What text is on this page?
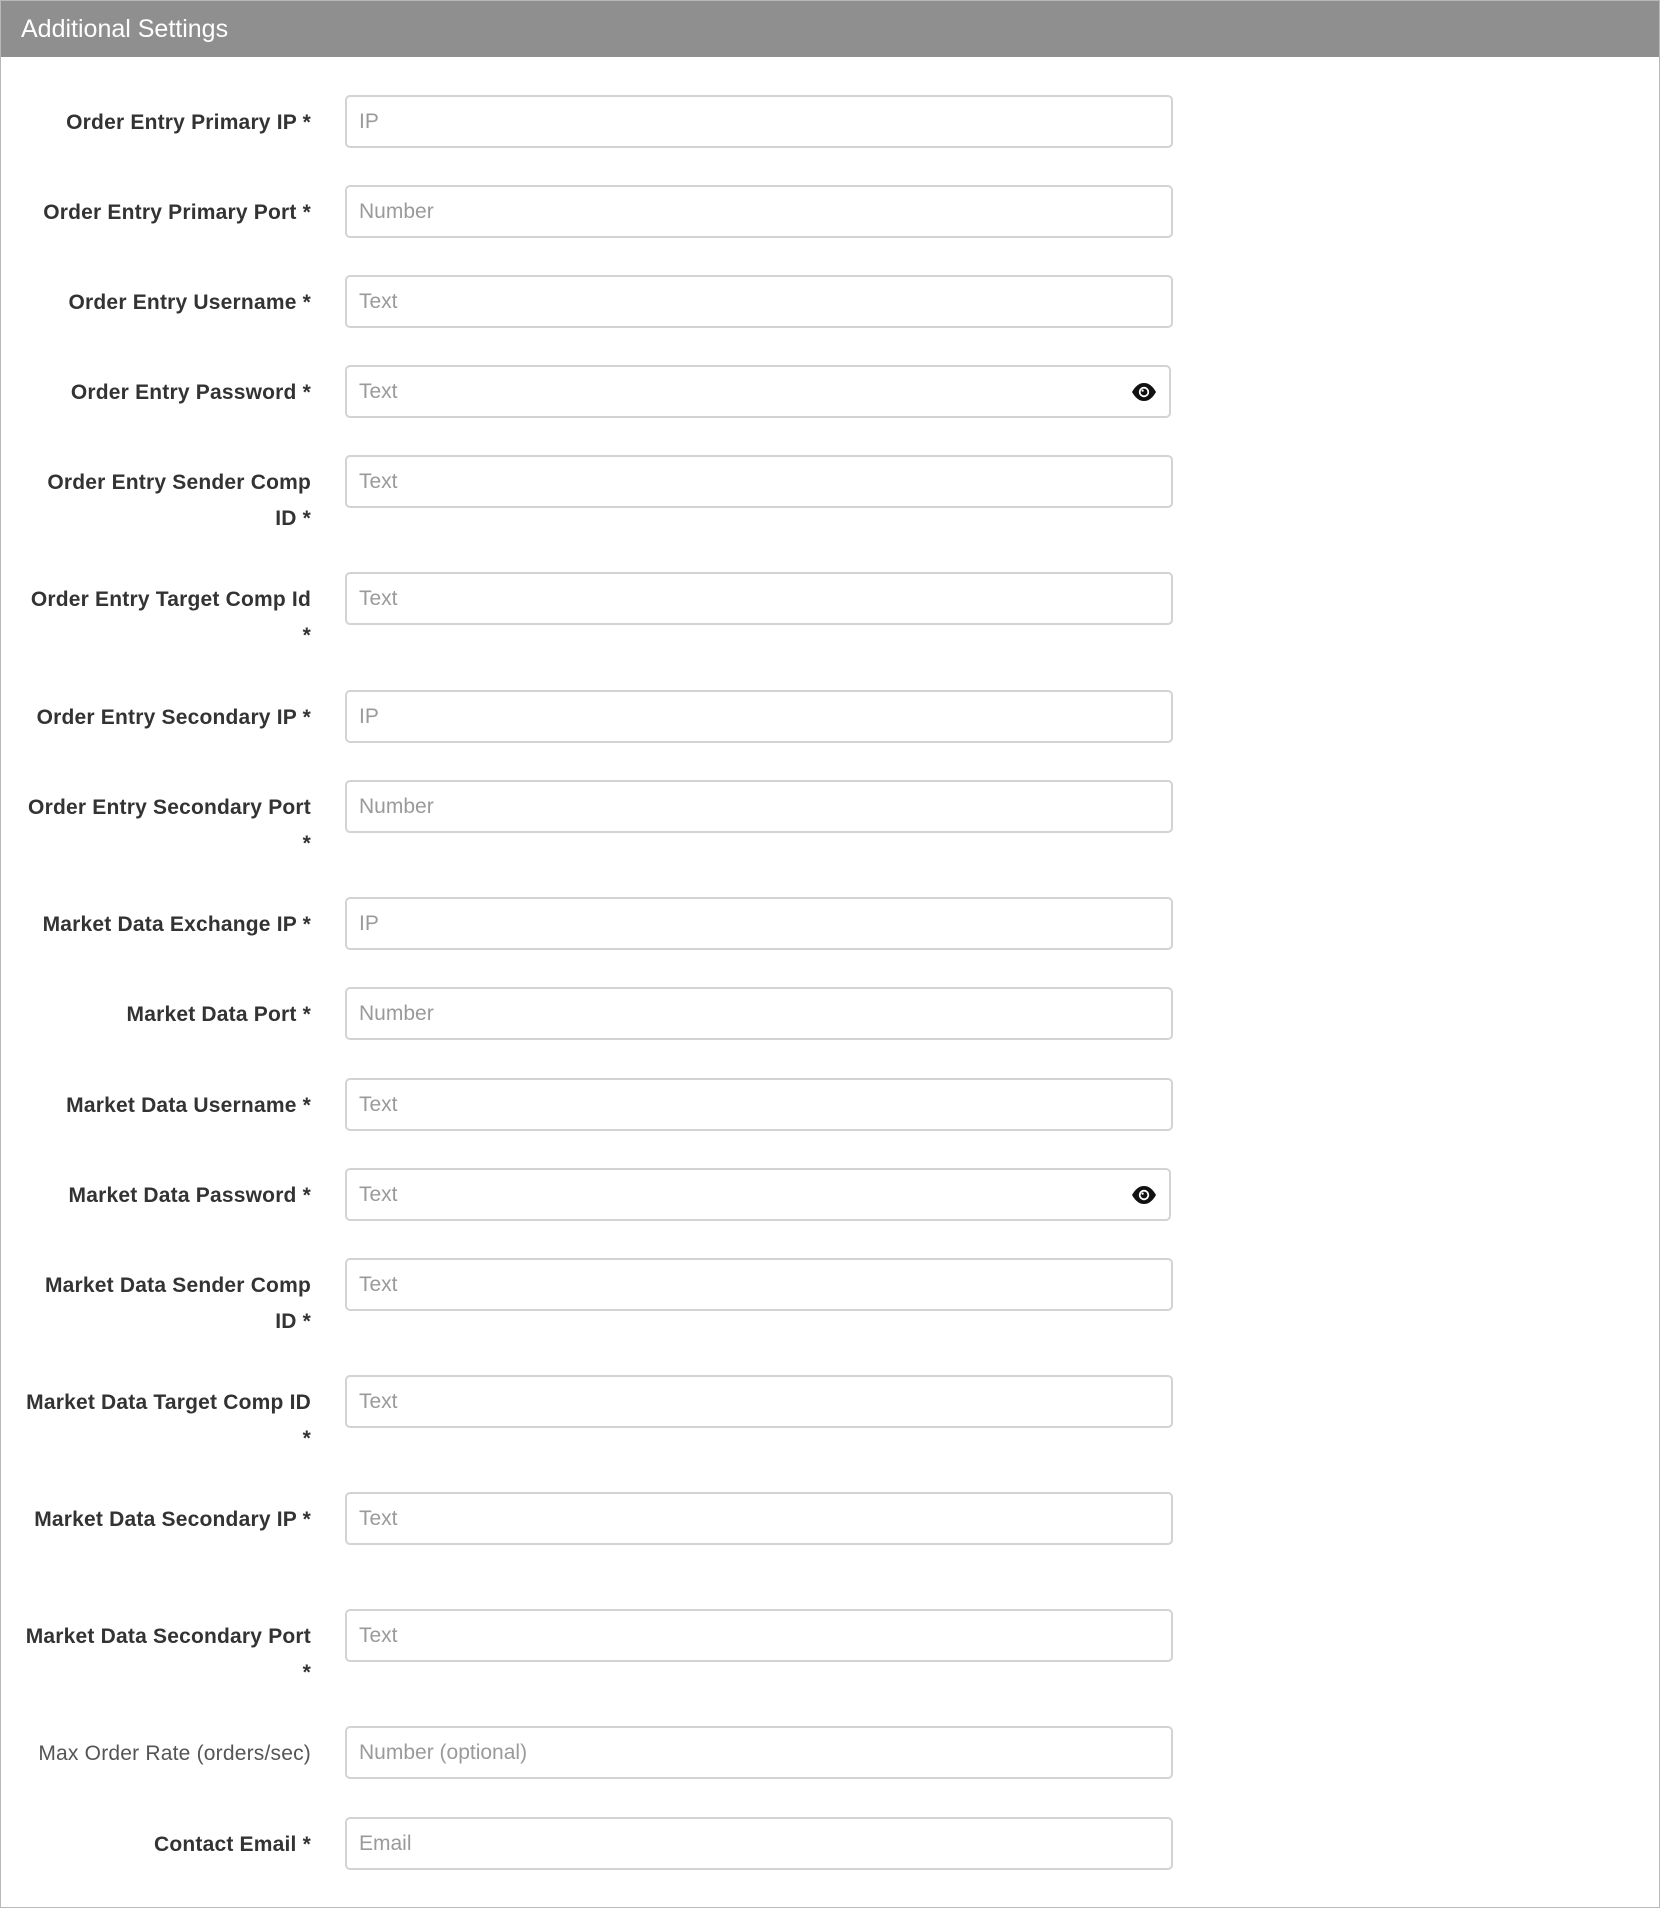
Additional Settings
Order Entry Primary IP *
IP
Order Entry Primary Port *
Number
Order Entry Username *
Text
Order Entry Password *
Order Entry Sender Comp ID *
Text
Order Entry Target Comp Id *
Text
Order Entry Secondary IP *
IP
Order Entry Secondary Port *
Number
Market Data Exchange IP *
IP
Market Data Port *
Number
Market Data Username *
Text
Market Data Password *
Market Data Sender Comp ID *
Text
Market Data Target Comp ID *
Text
Market Data Secondary IP *
Text
Market Data Secondary Port *
Text
Max Order Rate (orders/sec)
Number (optional)
Contact Email *
Email
